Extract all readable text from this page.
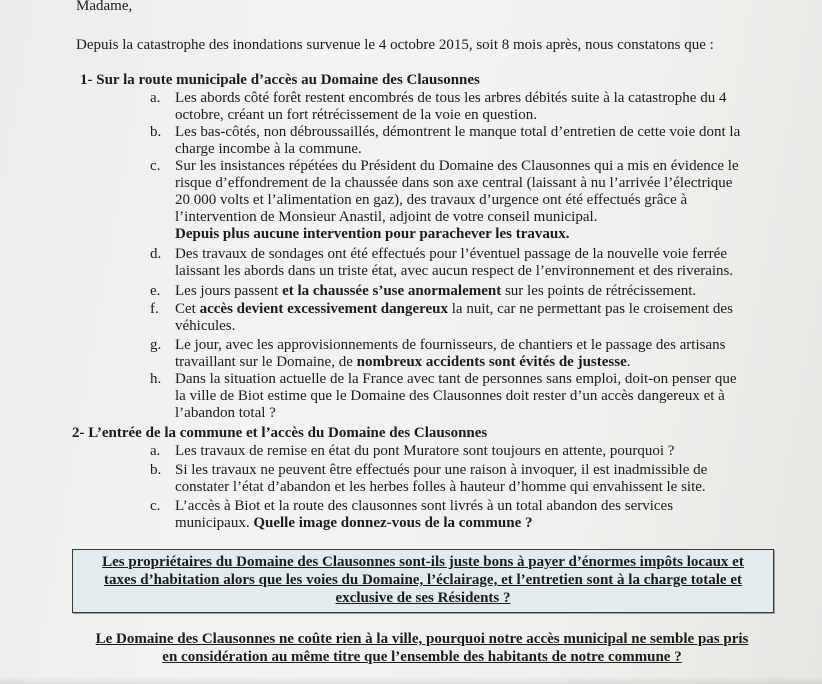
Madame,
Depuis la catastrophe des inondations survenue le 4 octobre 2015, soit 8 mois après, nous constatons que :
1- Sur la route municipale d’accès au Domaine des Clausonnes
a. Les abords côté forêt restent encombrés de tous les arbres débités suite à la catastrophe du 4
octobre, créant un fort rétrécissement de la voie en question.
b. Les bas-côtés, non débroussaillés, démontrent le manque total d’entretien de cette voie dont la
charge incombe à la commune.
c. Sur les insistances répétées du Président du Domaine des Clausonnes qui a mis en évidence le
risque d’effondrement de la chaussée dans son axe central (laissant à nu l’arrivée l’électrique
20 000 volts et l’alimentation en gaz), des travaux d’urgence ont été effectués grâce à
l’intervention de Monsieur Anastil, adjoint de votre conseil municipal.
Depuis plus aucune intervention pour parachever les travaux.
d. Des travaux de sondages ont été effectués pour l’éventuel passage de la nouvelle voie ferrée
laissant les abords dans un triste état, avec aucun respect de l’environnement et des riverains.
e. Les jours passent et la chaussée s’use anormalement sur les points de rétrécissement.
f. Cet accès devient excessivement dangereux la nuit, car ne permettant pas le croisement des
véhicules.
g. Le jour, avec les approvisionnements de fournisseurs, de chantiers et le passage des artisans
travaillant sur le Domaine, de nombreux accidents sont évités de justesse.
h. Dans la situation actuelle de la France avec tant de personnes sans emploi, doit-on penser que
la ville de Biot estime que le Domaine des Clausonnes doit rester d’un accès dangereux et à
l’abandon total ?
2- L’entrée de la commune et l’accès du Domaine des Clausonnes
a. Les travaux de remise en état du pont Muratore sont toujours en attente, pourquoi ?
b. Si les travaux ne peuvent être effectués pour une raison à invoquer, il est inadmissible de
constater l’état d’abandon et les herbes folles à hauteur d’homme qui envahissent le site.
c. L’accès à Biot et la route des clausonnes sont livrés à un total abandon des services
municipaux. Quelle image donnez-vous de la commune ?
Les propriétaires du Domaine des Clausonnes sont-ils juste bons à payer d’énormes impôts locaux et
taxes d’habitation alors que les voies du Domaine, l’éclairage, et l’entretien sont à la charge totale et
exclusive de ses Résidents ?
Le Domaine des Clausonnes ne coûte rien à la ville, pourquoi notre accès municipal ne semble pas pris
en considération au même titre que l’ensemble des habitants de notre commune ?
